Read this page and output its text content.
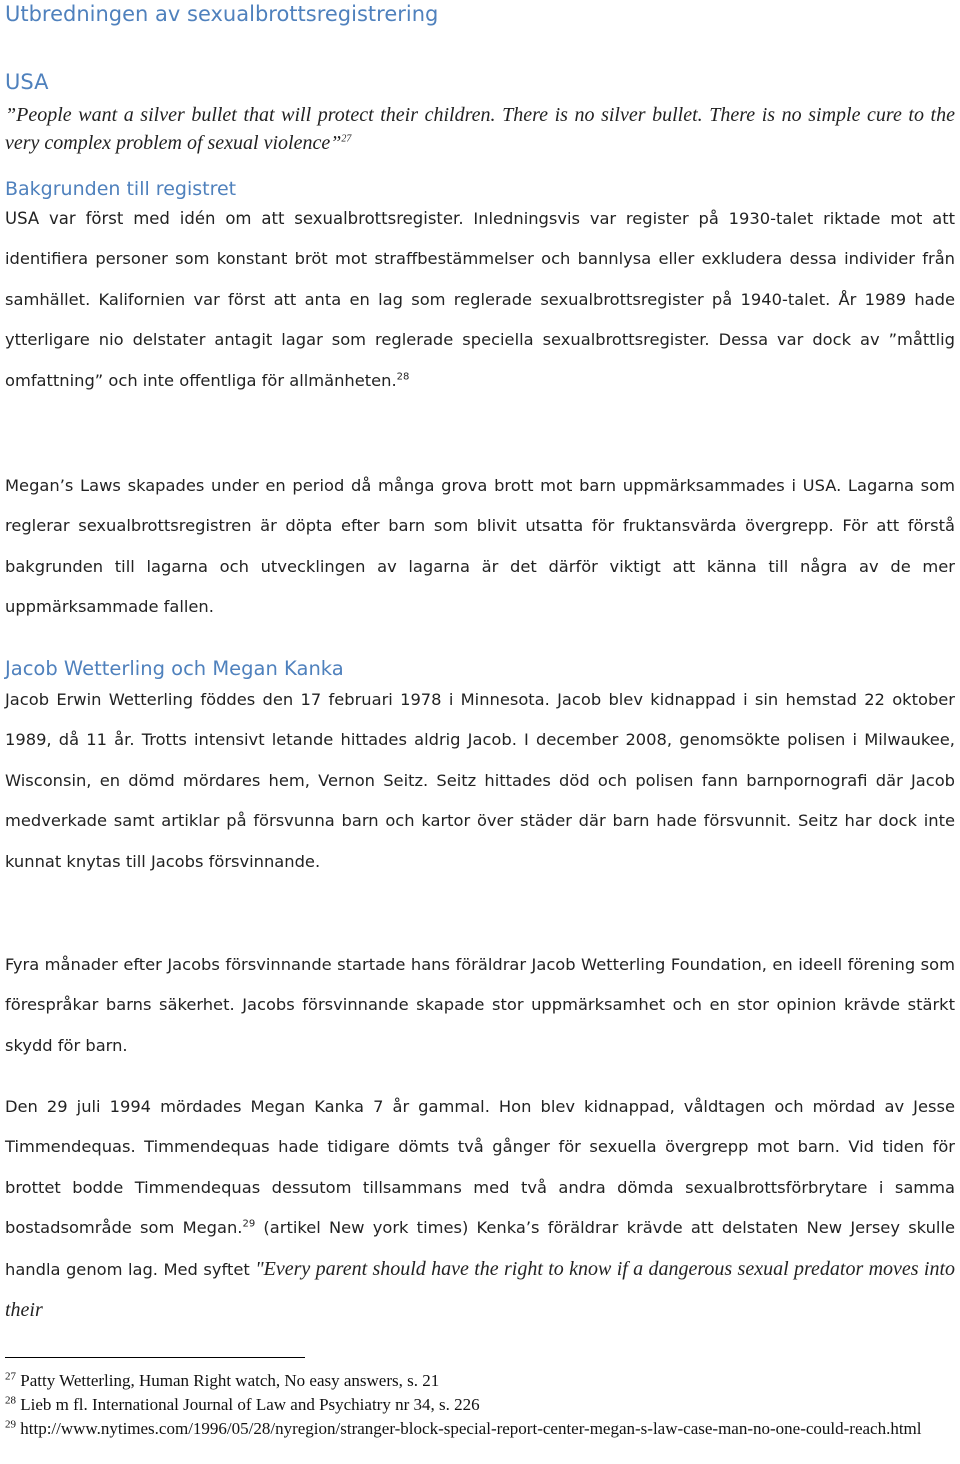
Utbredningen av sexualbrottsregistrering
USA
”People want a silver bullet that will protect their children. There is no silver bullet. There is no simple cure to the very complex problem of sexual violence”$^{27}$
Bakgrunden till registret
USA var först med idén om att sexualbrottsregister. Inledningsvis var register på 1930-talet riktade mot att identifiera personer som konstant bröt mot straffbestämmelser och bannlysa eller exkludera dessa individer från samhället. Kalifornien var först att anta en lag som reglerade sexualbrottsregister på 1940-talet. År 1989 hade ytterligare nio delstater antagit lagar som reglerade speciella sexualbrottsregister. Dessa var dock av ”måttlig omfattning” och inte offentliga för allmänheten.$^{28}$
Megan’s Laws skapades under en period då många grova brott mot barn uppmärksammades i USA. Lagarna som reglerar sexualbrottsregistren är döpta efter barn som blivit utsatta för fruktansvärda övergrepp. För att förstå bakgrunden till lagarna och utvecklingen av lagarna är det därför viktigt att känna till några av de mer uppmärksammade fallen.
Jacob Wetterling och Megan Kanka
Jacob Erwin Wetterling föddes den 17 februari 1978 i Minnesota. Jacob blev kidnappad i sin hemstad 22 oktober 1989, då 11 år. Trotts intensivt letande hittades aldrig Jacob. I december 2008, genomsökte polisen i Milwaukee, Wisconsin, en dömd mördares hem, Vernon Seitz. Seitz hittades död och polisen fann barnpornografi där Jacob medverkade samt artiklar på försvunna barn och kartor över städer där barn hade försvunnit. Seitz har dock inte kunnat knytas till Jacobs försvinnande.
Fyra månader efter Jacobs försvinnande startade hans föräldrar Jacob Wetterling Foundation, en ideell förening som förespråkar barns säkerhet. Jacobs försvinnande skapade stor uppmärksamhet och en stor opinion krävde stärkt skydd för barn.
Den 29 juli 1994 mördades Megan Kanka 7 år gammal. Hon blev kidnappad, våldtagen och mördad av Jesse Timmendequas. Timmendequas hade tidigare dömts två gånger för sexuella övergrepp mot barn. Vid tiden för brottet bodde Timmendequas dessutom tillsammans med två andra dömda sexualbrottsförbrytare i samma bostadsområde som Megan.$^{29}$ (artikel New york times) Kenka’s föräldrar krävde att delstaten New Jersey skulle handla genom lag. Med syftet "Every parent should have the right to know if a dangerous sexual predator moves into their
$^{27}$ Patty Wetterling, Human Right watch, No easy answers, s. 21
$^{28}$ Lieb m fl. International Journal of Law and Psychiatry nr 34, s. 226
$^{29}$ http://www.nytimes.com/1996/05/28/nyregion/stranger-block-special-report-center-megan-s-law-case-man-no-one-could-reach.html
